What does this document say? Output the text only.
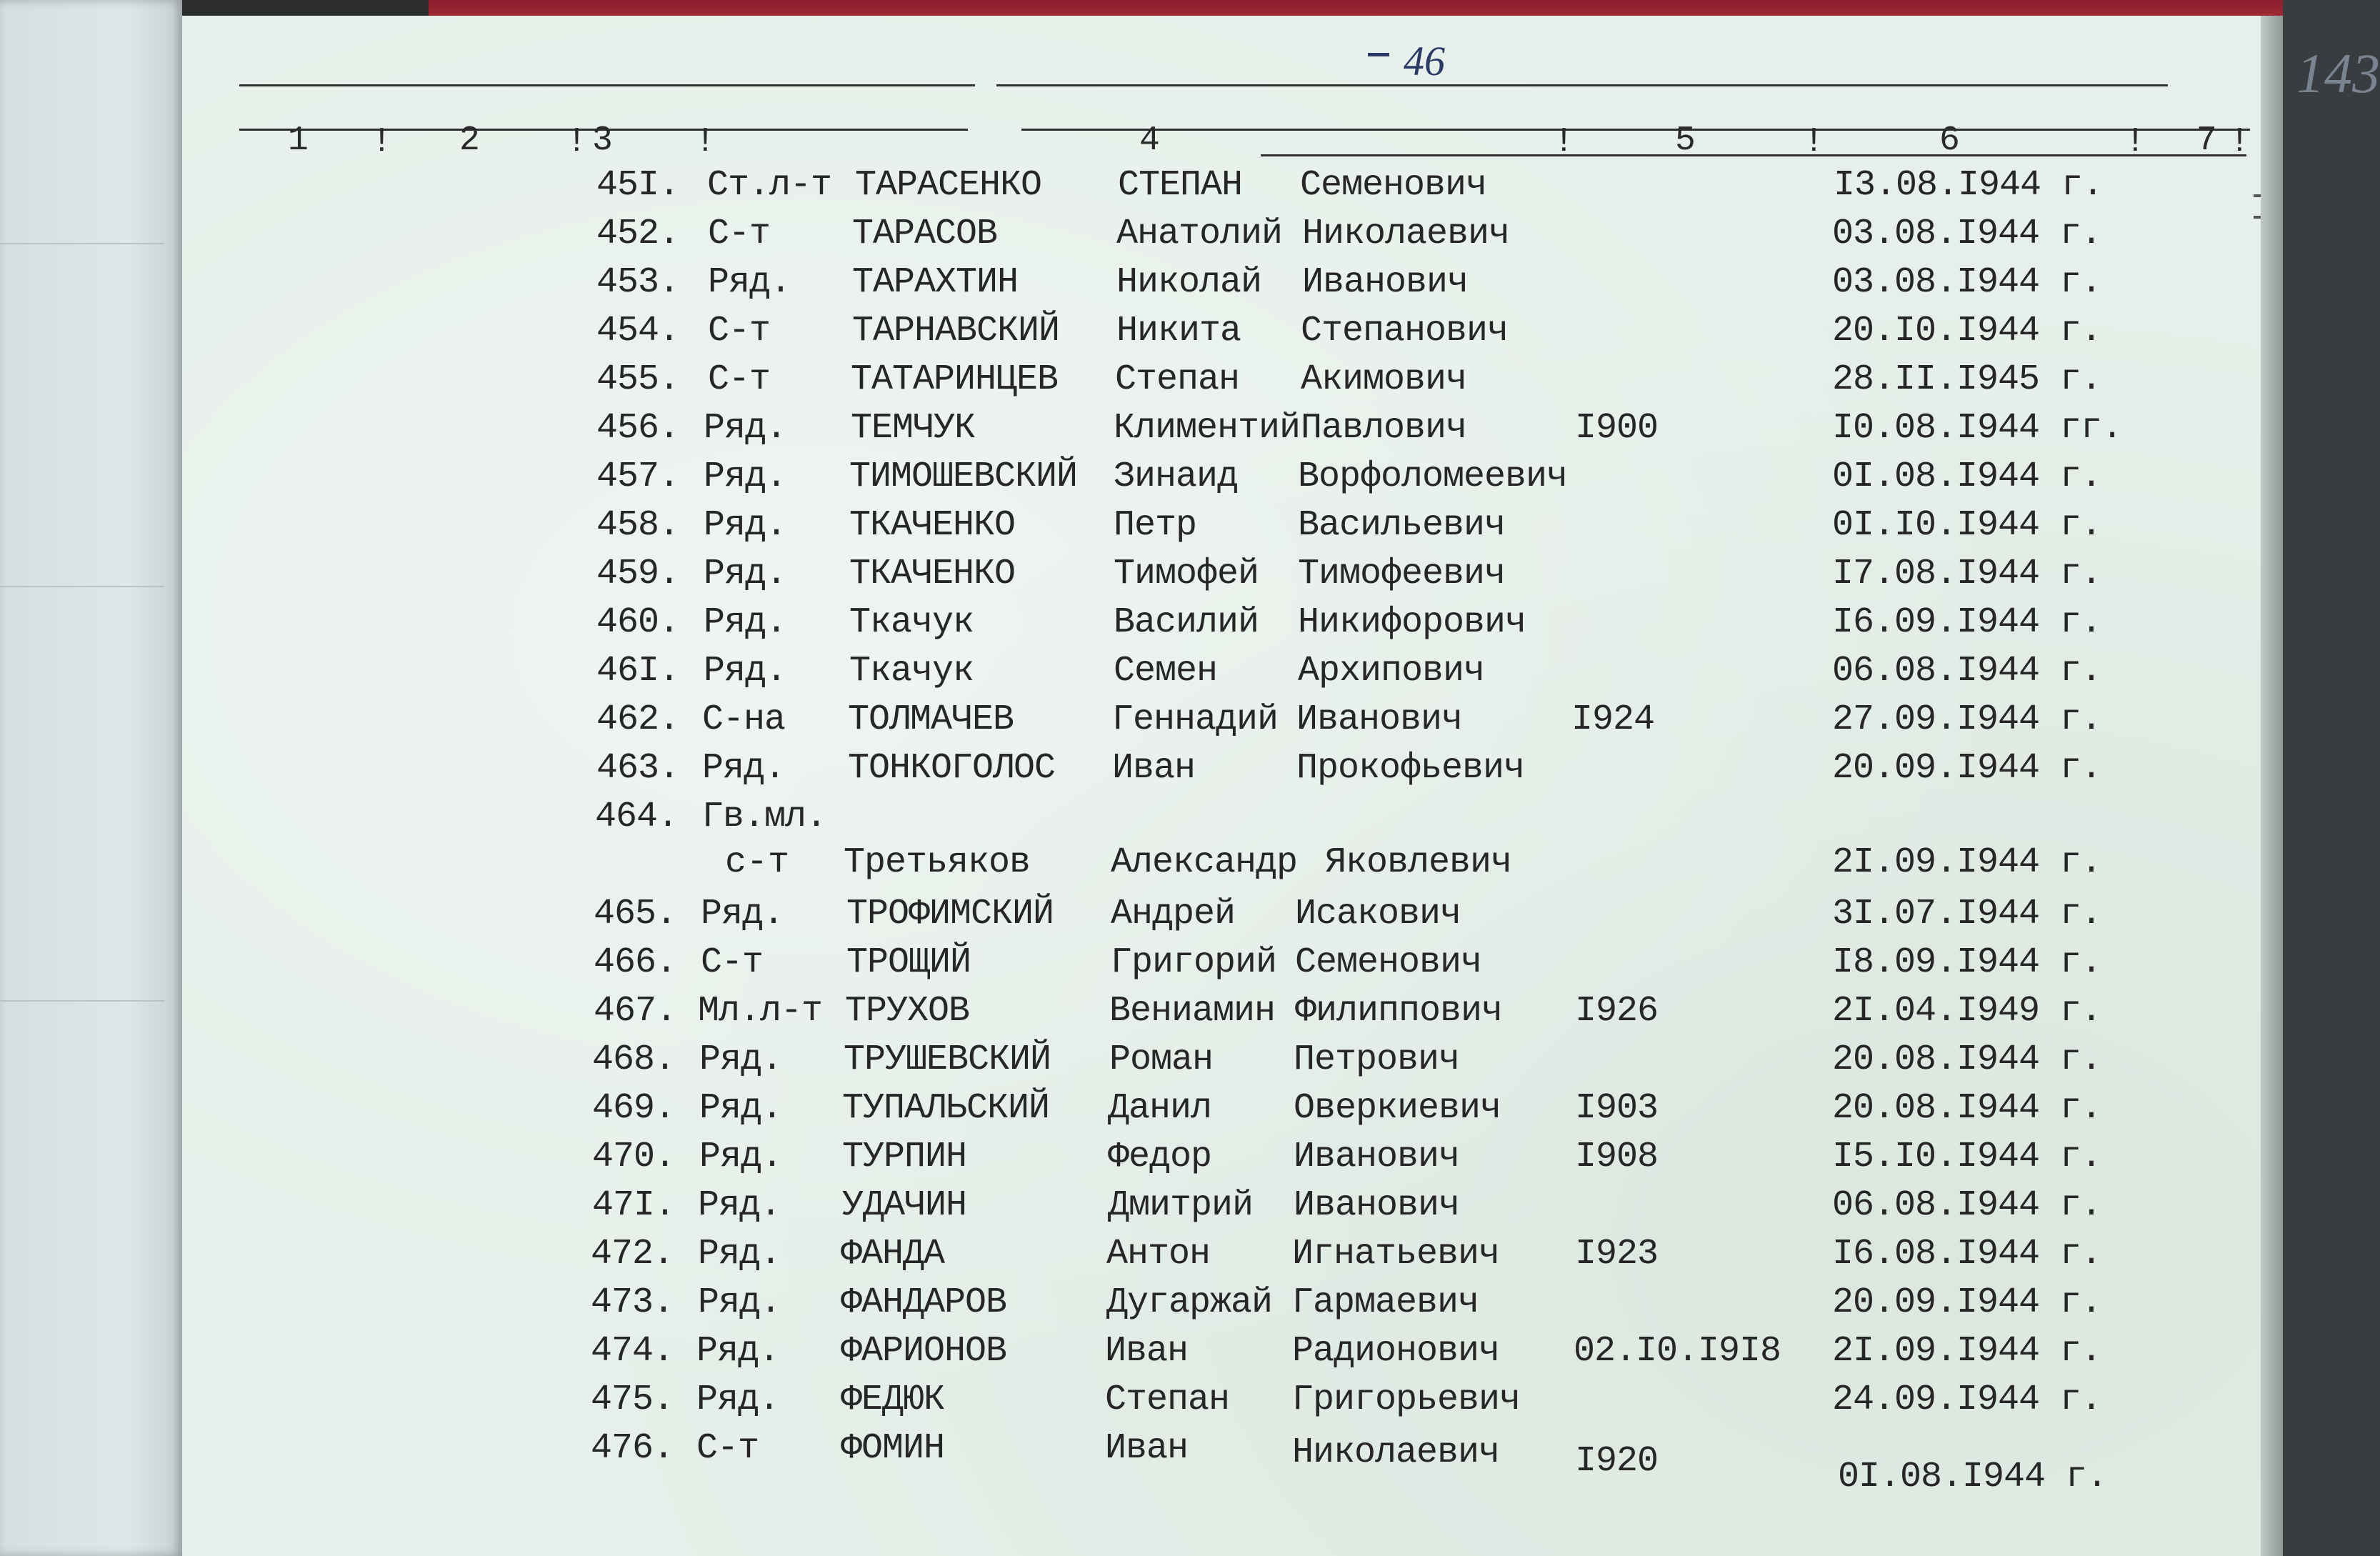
46	143
1 ! 2	! 3 !	4	!	5	!	6	! 7 !
45I. Ст.л-т ТАРАСЕНКО СТЕПАН Семенович	I3.08.I944 г.
452. С-т ТАРАСОВ	Анатолий Николаевич	03.08.I944 г.
453. Ряд. ТАРАХТИН	Николай Иванович	03.08.I944 г.
454. С-т ТАРНАВСКИЙ Никита Степанович	20.I0.I944 г.
455. С-т ТАТАРИНЦЕВ Степан Акимович	28.II.I945 г.
456. Ряд. ТЕМЧУК	Климентий Павлович	I900	I0.08.I944 гг.
457. Ряд. ТИМОШЕВСКИЙ Зинаид Ворфоломеевич	0I.08.I944 г.
458. Ряд. ТКАЧЕНКО	Петр	Васильевич	0I.I0.I944 г.
459. Ряд. ТКАЧЕНКО	Тимофей Тимофеевич	I7.08.I944 г.
460. Ряд. Ткачук	Василий Никифорович	I6.09.I944 г.
46I. Ряд. Ткачук	Семен Архипович	06.08.I944 г.
462. С-на ТОЛМАЧЕВ	Геннадий Иванович	I924	27.09.I944 г.
463. Ряд. ТОНКОГОЛОС Иван	Прокофьевич	20.09.I944 г.
464. Гв.мл.
с-т Третьяков Александр Яковлевич	2I.09.I944 г.
465. Ряд. ТРОФИМСКИЙ Андрей Исакович	3I.07.I944 г.
466. С-т ТРОЩИЙ	Григорий Семенович	I8.09.I944 г.
467. Мл.л-т ТРУХОВ	Вениамин Филиппович I926	2I.04.I949 г.
468. Ряд. ТРУШЕВСКИЙ Роман Петрович	20.08.I944 г.
469. Ряд. ТУПАЛЬСКИЙ Данил Оверкиевич I903	20.08.I944 г.
470. Ряд. ТУРПИН	Федор Иванович	I908	I5.I0.I944 г.
47I. Ряд. УДАЧИН	Дмитрий Иванович	06.08.I944 г.
472. Ряд. ФАНДА	Антон Игнатьевич I923	I6.08.I944 г.
473. Ряд. ФАНДАРОВ	Дугаржай Гармаевич	20.09.I944 г.
474. Ряд. ФАРИОНОВ	Иван	Радионович 02.I0.I9I8 2I.09.I944 г.
475. Ряд. ФЕДЮК	Степан Григорьевич	24.09.I944 г.
476. С-т ФОМИН	Иван	Николаевич I920	0I.08.I944 г.
